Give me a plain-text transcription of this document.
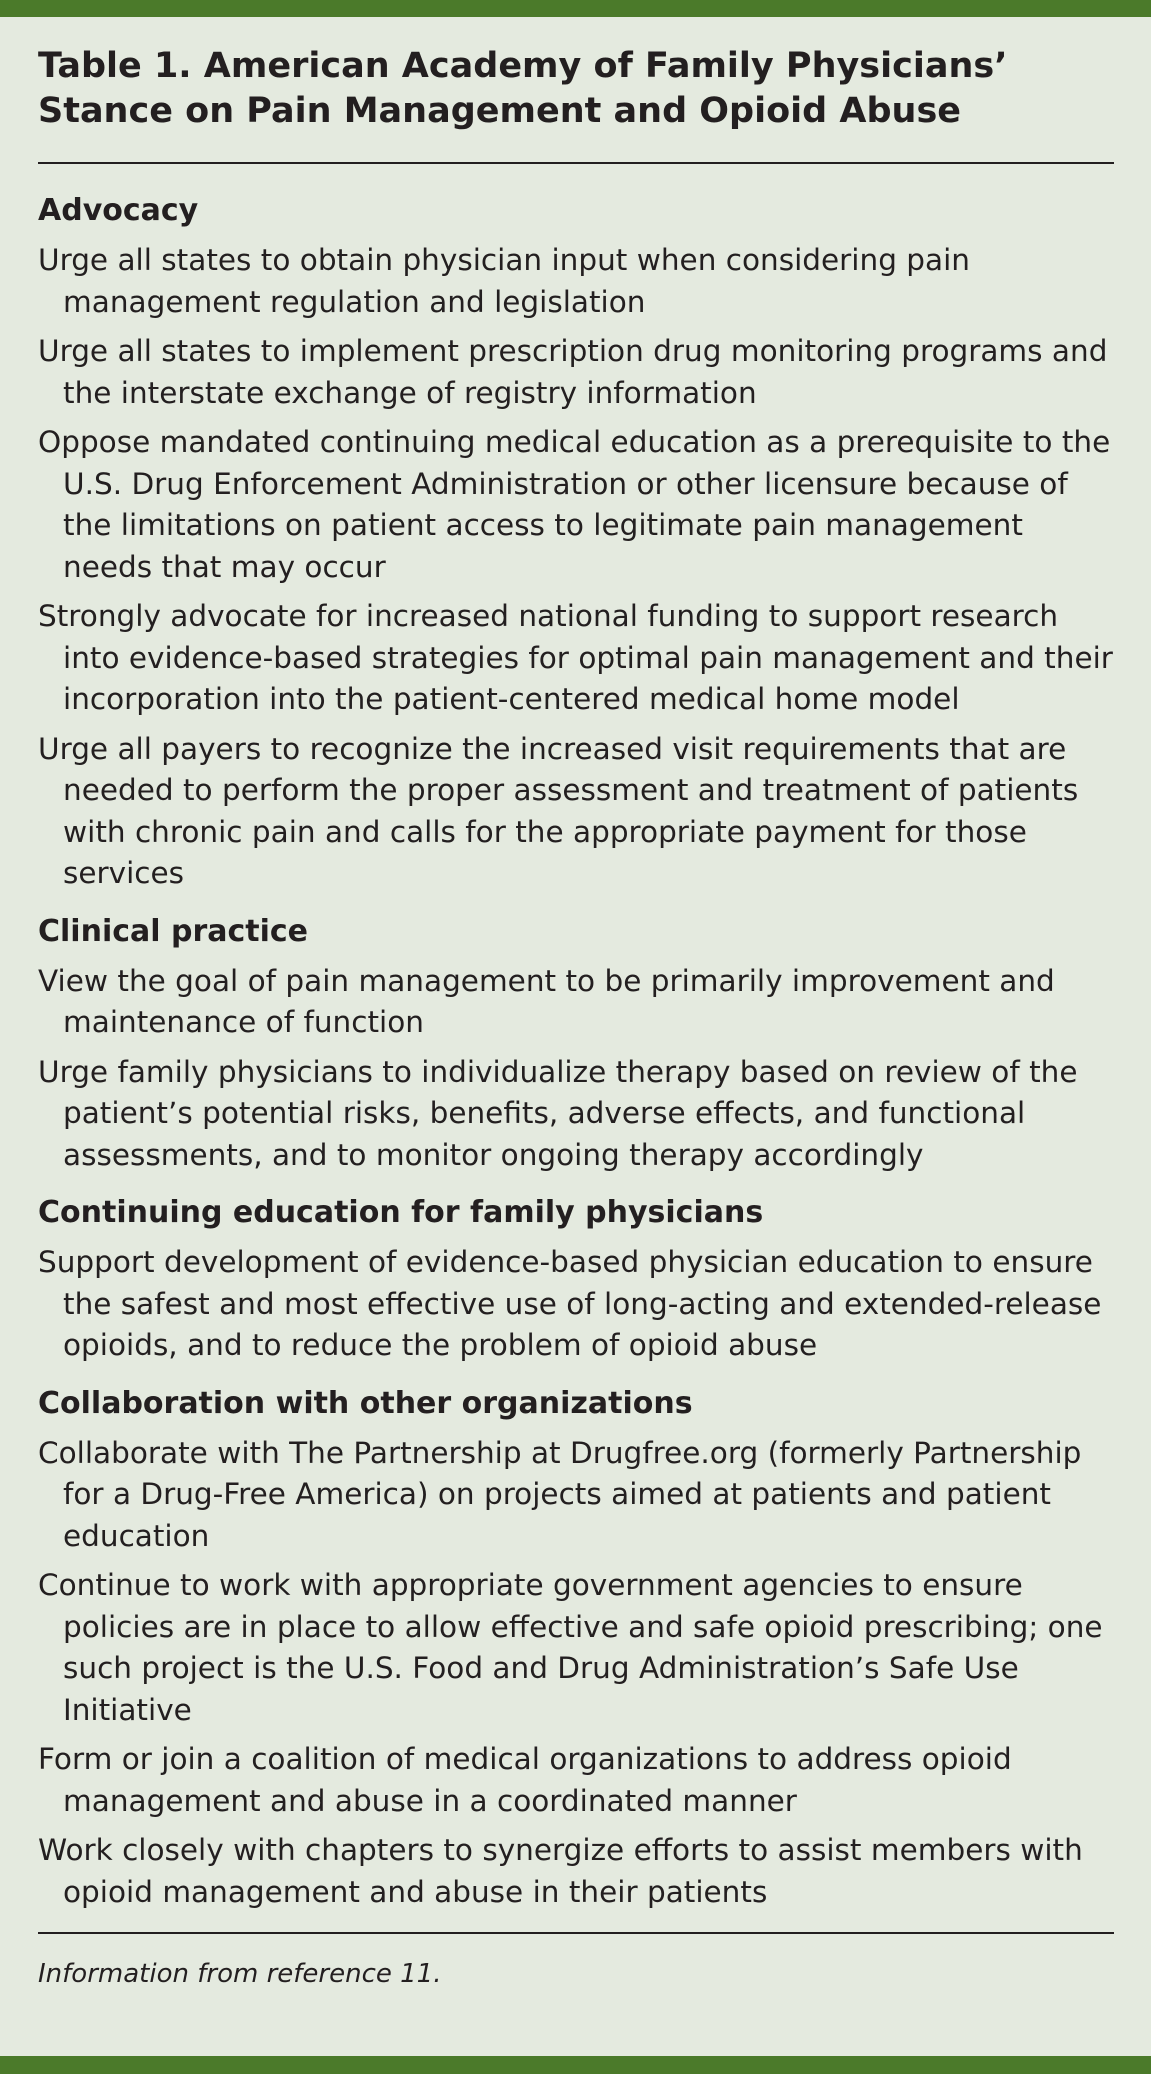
Table 1. American Academy of Family Physicians’ Stance on Pain Management and Opioid Abuse
Advocacy
Urge all states to obtain physician input when considering pain management regulation and legislation
Urge all states to implement prescription drug monitoring programs and the interstate exchange of registry information
Oppose mandated continuing medical education as a prerequisite to the U.S. Drug Enforcement Administration or other licensure because of the limitations on patient access to legitimate pain management needs that may occur
Strongly advocate for increased national funding to support research into evidence-based strategies for optimal pain management and their incorporation into the patient-centered medical home model
Urge all payers to recognize the increased visit requirements that are needed to perform the proper assessment and treatment of patients with chronic pain and calls for the appropriate payment for those services
Clinical practice
View the goal of pain management to be primarily improvement and maintenance of function
Urge family physicians to individualize therapy based on review of the patient’s potential risks, benefits, adverse effects, and functional assessments, and to monitor ongoing therapy accordingly
Continuing education for family physicians
Support development of evidence-based physician education to ensure the safest and most effective use of long-acting and extended-release opioids, and to reduce the problem of opioid abuse
Collaboration with other organizations
Collaborate with The Partnership at Drugfree.org (formerly Partnership for a Drug-Free America) on projects aimed at patients and patient education
Continue to work with appropriate government agencies to ensure policies are in place to allow effective and safe opioid prescribing; one such project is the U.S. Food and Drug Administration’s Safe Use Initiative
Form or join a coalition of medical organizations to address opioid management and abuse in a coordinated manner
Work closely with chapters to synergize efforts to assist members with opioid management and abuse in their patients
Information from reference 11.
